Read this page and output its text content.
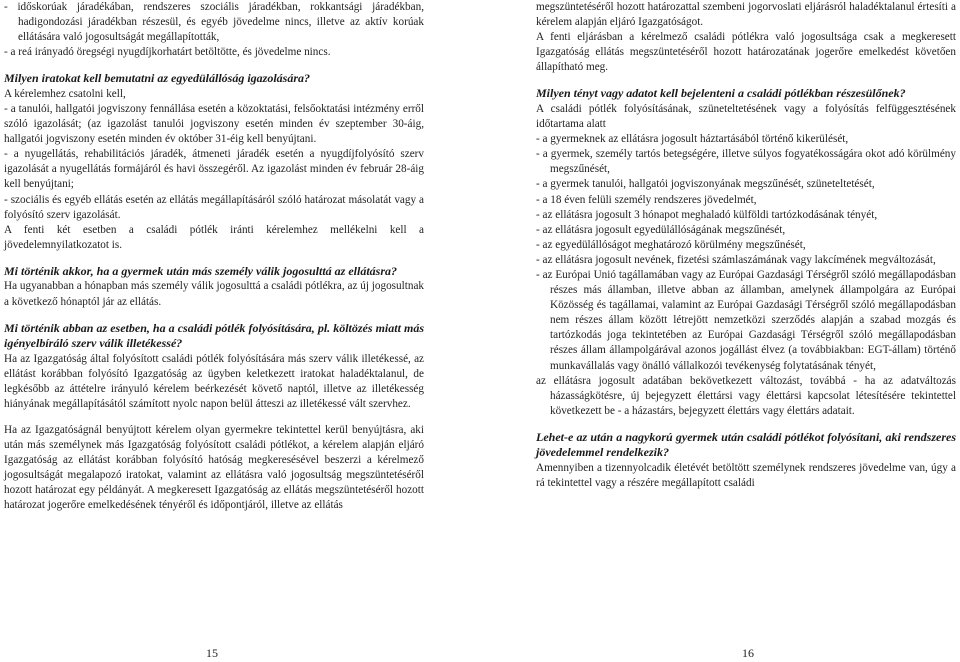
- időskorúak járadékában, rendszeres szociális járadékban, rokkantsági járadékban, hadigondozási járadékban részesül, és egyéb jövedelme nincs, illetve az aktív korúak ellátására való jogosultságát megállapították,

- a reá irányadó öregségi nyugdíjkorhatárt betöltötte, és jövedelme nincs.

Milyen iratokat kell bemutatni az egyedülállóság igazolására?

A kérelemhez csatolni kell,

- a tanulói, hallgatói jogviszony fennállása esetén a közoktatási, felsőoktatási intézmény erről szóló igazolását; (az igazolást tanulói jogviszony esetén minden év szeptember 30-áig, hallgatói jogviszony esetén minden év október 31-éig kell benyújtani.

- a nyugellátás, rehabilitációs járadék, átmeneti járadék esetén a nyugdíjfolyósító szerv igazolását a nyugellátás formájáról és havi összegéről. Az igazolást minden év február 28-áig kell benyújtani;

- szociális és egyéb ellátás esetén az ellátás megállapításáról szóló határozat másolatát vagy a folyósító szerv igazolását.

A fenti két esetben a családi pótlék iránti kérelemhez mellékelni kell a jövedelemnyilatkozatot is.

Mi történik akkor, ha a gyermek után más személy válik jogosulttá az ellátásra?

Ha ugyanabban a hónapban más személy válik jogosulttá a családi pótlékra, az új jogosultnak a következő hónaptól jár az ellátás.

Mi történik abban az esetben, ha a családi pótlék folyósítására, pl. költözés miatt más igényelbíráló szerv válik illetékessé?

Ha az Igazgatóság által folyósított családi pótlék folyósítására más szerv válik illetékessé, az ellátást korábban folyósító Igazgatóság az ügyben keletkezett iratokat haladéktalanul, de legkésőbb az áttételre irányuló kérelem beérkezését követő naptól, illetve az illetékesség hiányának megállapításától számított nyolc napon belül átteszi az illetékessé vált szervhez.

Ha az Igazgatóságnál benyújtott kérelem olyan gyermekre tekintettel kerül benyújtásra, aki után más személynek más Igazgatóság folyósított családi pótlékot, a kérelem alapján eljáró Igazgatóság az ellátást korábban folyósító hatóság megkeresésével beszerzi a kérelmező jogosultságát megalapozó iratokat, valamint az ellátásra való jogosultság megszüntetéséről hozott határozat egy példányát. A megkeresett Igazgatóság az ellátás megszüntetéséről hozott határozat jogerőre emelkedésének tényéről és időpontjáról, illetve az ellátás

15

megszüntetéséről hozott határozattal szembeni jogorvoslati eljárásról haladéktalanul értesíti a kérelem alapján eljáró Igazgatóságot.

A fenti eljárásban a kérelmező családi pótlékra való jogosultsága csak a megkeresett Igazgatóság ellátás megszüntetéséről hozott határozatának jogerőre emelkedést követően állapítható meg.

Milyen tényt vagy adatot kell bejelenteni a családi pótlékban részesülőnek?

A családi pótlék folyósításának, szüneteltetésének vagy a folyósítás felfüggesztésének időtartama alatt

- a gyermeknek az ellátásra jogosult háztartásából történő kikerülését,

- a gyermek, személy tartós betegségére, illetve súlyos fogyatékosságára okot adó körülmény megszűnését,

- a gyermek tanulói, hallgatói jogviszonyának megszűnését, szüneteltetését,

- a 18 éven felüli személy rendszeres jövedelmét,

- az ellátásra jogosult 3 hónapot meghaladó külföldi tartózkodásának tényét,

- az ellátásra jogosult egyedülállóságának megszűnését,

- az egyedülállóságot meghatározó körülmény megszűnését,

- az ellátásra jogosult nevének, fizetési számlaszámának vagy lakcímének megváltozását,

- az Európai Unió tagállamában vagy az Európai Gazdasági Térségről szóló megállapodásban részes más államban, illetve abban az államban, amelynek állampolgára az Európai Közösség és tagállamai, valamint az Európai Gazdasági Térségről szóló megállapodásban nem részes állam között létrejött nemzetközi szerződés alapján a szabad mozgás és tartózkodás joga tekintetében az Európai Gazdasági Térségről szóló megállapodásban részes állam állampolgárával azonos jogállást élvez (a továbbiakban: EGT-állam) történő munkavállalás vagy önálló vállalkozói tevékenység folytatásának tényét,

az ellátásra jogosult adatában bekövetkezett változást, továbbá - ha az adatváltozás házasságkötésre, új bejegyzett élettársi vagy élettársi kapcsolat létesítésére tekintettel következett be - a házastárs, bejegyzett élettárs vagy élettárs adatait.

Lehet-e az után a nagykorú gyermek után családi pótlékot folyósítani, aki rendszeres jövedelemmel rendelkezik?

Amennyiben a tizennyolcadik életévét betöltött személynek rendszeres jövedelme van, úgy a rá tekintettel vagy a részére megállapított családi

16
